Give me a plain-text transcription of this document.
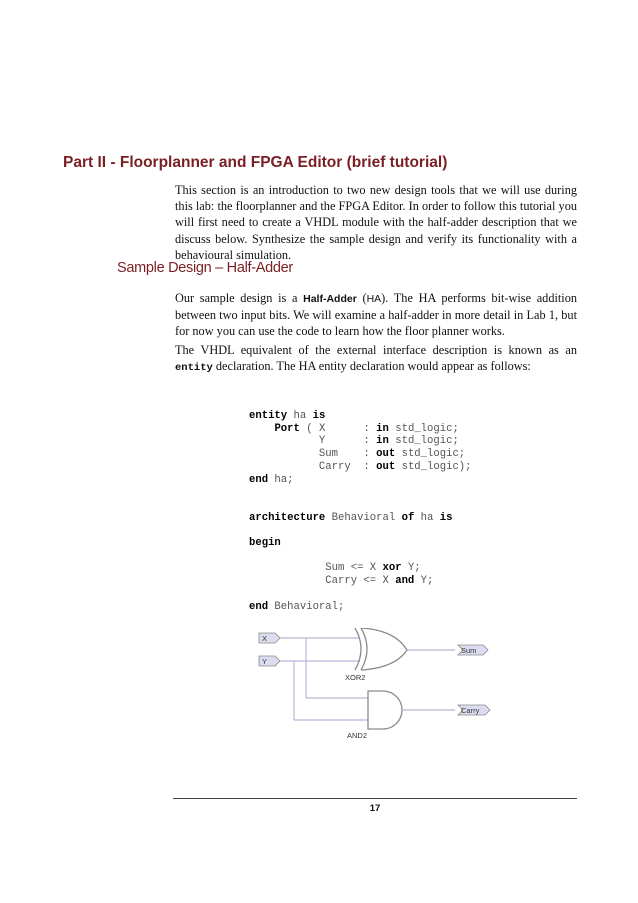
Part II - Floorplanner and FPGA Editor (brief tutorial)

This section is an introduction to two new design tools that we will use during this lab: the floorplanner and the FPGA Editor. In order to follow this tutorial you will first need to create a VHDL module with the half-adder description that we discuss below. Synthesize the sample design and verify its functionality with a behavioural simulation.

Sample Design – Half-Adder

Our sample design is a Half-Adder (HA). The HA performs bit-wise addition between two input bits. We will examine a half-adder in more detail in Lab 1, but for now you can use the code to learn how the floor planner works.

The VHDL equivalent of the external interface description is known as an entity declaration. The HA entity declaration would appear as follows:

entity ha is
Port ( X      : in std_logic;
Y      : in std_logic;
Sum    : out std_logic;
Carry  : out std_logic);
end ha;

architecture Behavioral of ha is

begin

Sum <= X xor Y;
Carry <= X and Y;

end Behavioral;
X
Y
Sum
Carry
XOR2
AND2
17
